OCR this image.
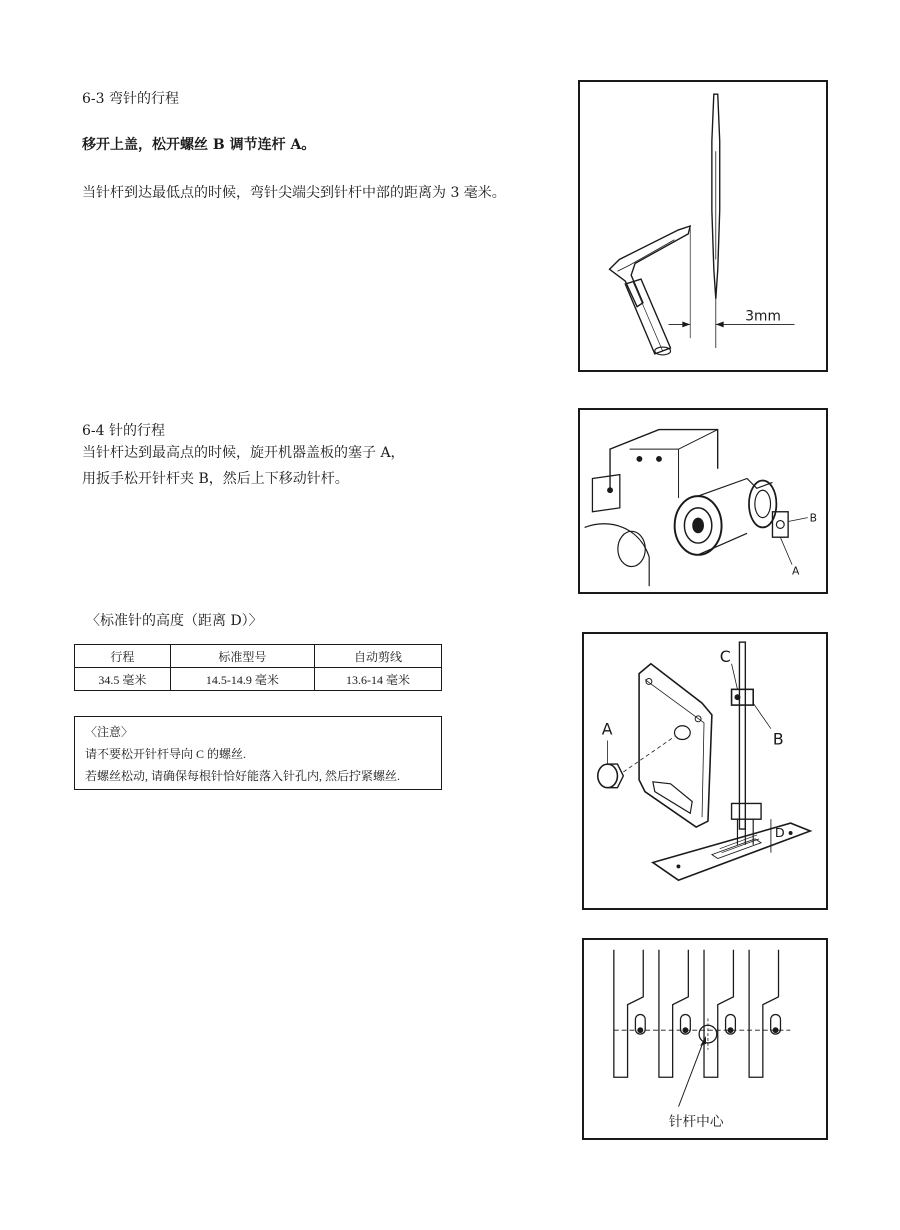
6-3 弯针的行程
移开上盖，松开螺丝 B 调节连杆 A。
当针杆到达最低点的时候，弯针尖端尖到针杆中部的距离为 3 毫米。
3mm
6-4 针的行程
当针杆达到最高点的时候，旋开机器盖板的塞子 A，
用扳手松开针杆夹 B，然后上下移动针杆。
B
A
〈标准针的高度（距离 D）〉
行程	标准型号	自动剪线
34.5 毫米	14.5-14.9 毫米	13.6-14 毫米
〈注意〉
请不要松开针杆导向 C 的螺丝.
若螺丝松动, 请确保每根针恰好能落入针孔内, 然后拧紧螺丝.
A
C
B
D
针杆中心
